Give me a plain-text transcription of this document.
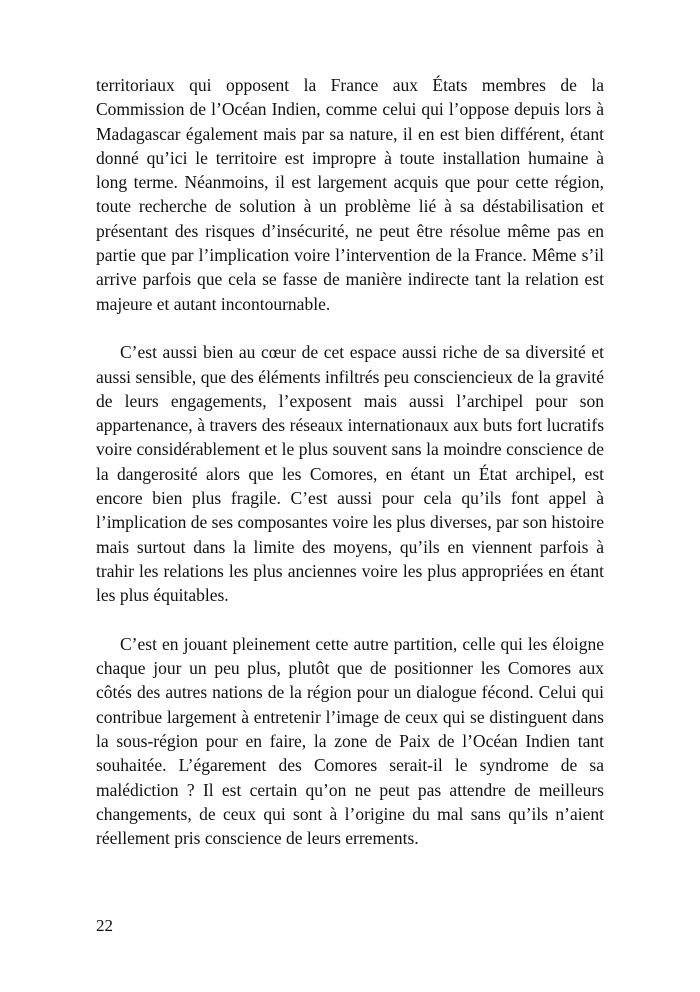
territoriaux qui opposent la France aux États membres de la Commission de l’Océan Indien, comme celui qui l’oppose depuis lors à Madagascar également mais par sa nature, il en est bien différent, étant donné qu’ici le territoire est impropre à toute installation humaine à long terme. Néanmoins, il est largement acquis que pour cette région, toute recherche de solution à un problème lié à sa déstabilisation et présentant des risques d’insécurité, ne peut être résolue même pas en partie que par l’implication voire l’intervention de la France. Même s’il arrive parfois que cela se fasse de manière indirecte tant la relation est majeure et autant incontournable.

C’est aussi bien au cœur de cet espace aussi riche de sa diversité et aussi sensible, que des éléments infiltrés peu consciencieux de la gravité de leurs engagements, l’exposent mais aussi l’archipel pour son appartenance, à travers des réseaux internationaux aux buts fort lucratifs voire considérablement et le plus souvent sans la moindre conscience de la dangerosité alors que les Comores, en étant un État archipel, est encore bien plus fragile. C’est aussi pour cela qu’ils font appel à l’implication de ses composantes voire les plus diverses, par son histoire mais surtout dans la limite des moyens, qu’ils en viennent parfois à trahir les relations les plus anciennes voire les plus appropriées en étant les plus équitables.

C’est en jouant pleinement cette autre partition, celle qui les éloigne chaque jour un peu plus, plutôt que de positionner les Comores aux côtés des autres nations de la région pour un dialogue fécond. Celui qui contribue largement à entretenir l’image de ceux qui se distinguent dans la sous-région pour en faire, la zone de Paix de l’Océan Indien tant souhaitée. L’égarement des Comores serait-il le syndrome de sa malédiction ? Il est certain qu’on ne peut pas attendre de meilleurs changements, de ceux qui sont à l’origine du mal sans qu’ils n’aient réellement pris conscience de leurs errements.

22
